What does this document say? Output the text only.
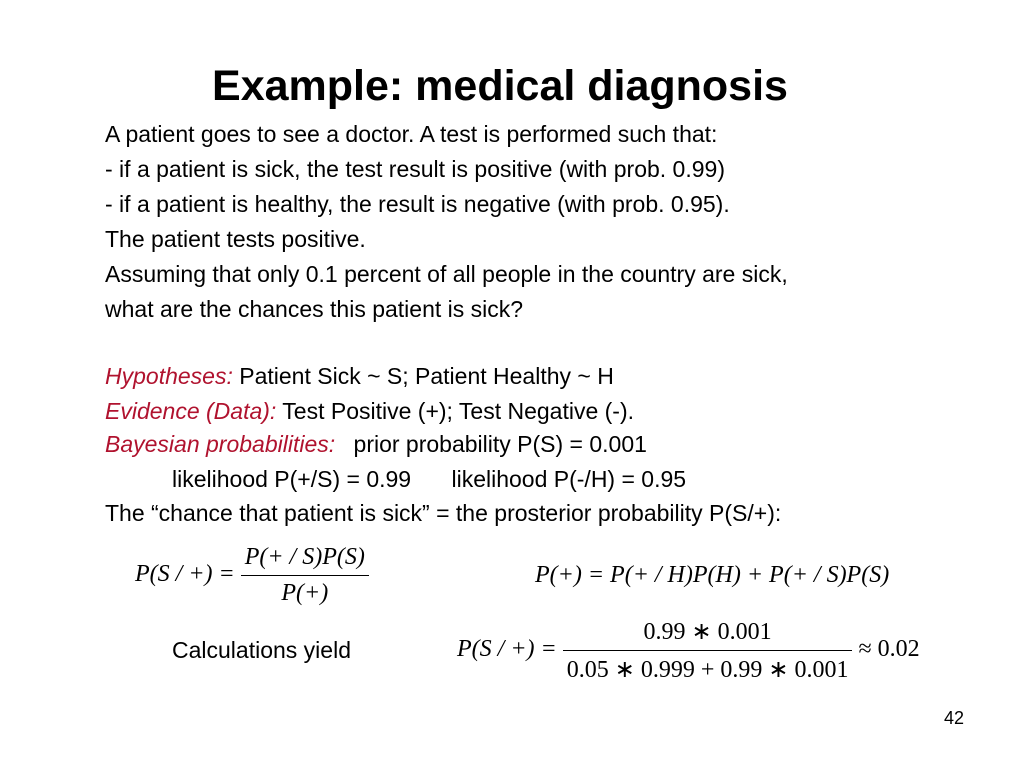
Example: medical diagnosis
A patient goes to see a doctor. A test is performed such that:
- if a patient is sick, the test result is positive (with prob. 0.99)
- if a patient is healthy, the result is negative (with prob. 0.95).
The patient tests positive.
Assuming that only 0.1 percent of all people in the country are sick,
what are the chances this patient is sick?
Hypotheses: Patient Sick ~ S; Patient Healthy ~ H
Evidence (Data): Test Positive (+); Test Negative (-).
Bayesian probabilities: prior probability P(S) = 0.001
likelihood P(+/S) = 0.99 likelihood P(-/H) = 0.95
The “chance that patient is sick” = the prosterior probability P(S/+):
P(S / +) = $\frac{P(+ / S)P(S)}{P(+)}$	P(+) = P(+ / H)P(H) + P(+ / S)P(S)
Calculations yield	P(S / +) = $\frac{0.99 ∗ 0.001}{0.05 ∗ 0.999 + 0.99 ∗ 0.001} \approx 0.02$
42
